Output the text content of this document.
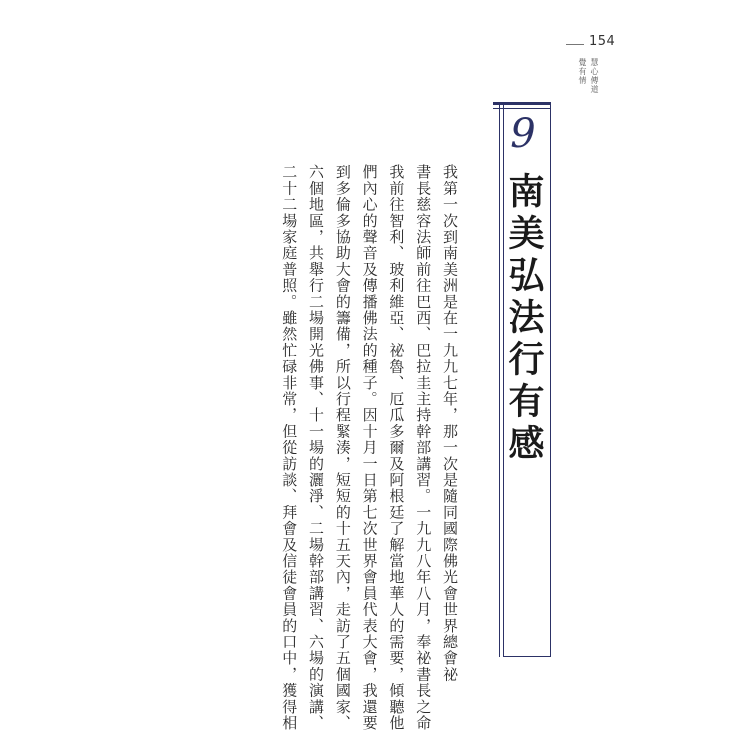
154
慧心傳道
覺有情
9
南美弘法行有感
我第一次到南美洲是在一九九七年，那一次是隨同國際佛光會世界總會祕
書長慈容法師前往巴西、巴拉圭主持幹部講習。一九九八年八月，奉祕書長之命
我前往智利、玻利維亞、祕魯、厄瓜多爾及阿根廷了解當地華人的需要，傾聽他
們內心的聲音及傳播佛法的種子。因十月一日第七次世界會員代表大會，我還要
到多倫多協助大會的籌備，所以行程緊湊，短短的十五天內，走訪了五個國家、
六個地區，共舉行二場開光佛事、十一場的灑淨、二場幹部講習、六場的演講、
二十二場家庭普照。雖然忙碌非常，但從訪談、拜會及信徒會員的口中，獲得相
